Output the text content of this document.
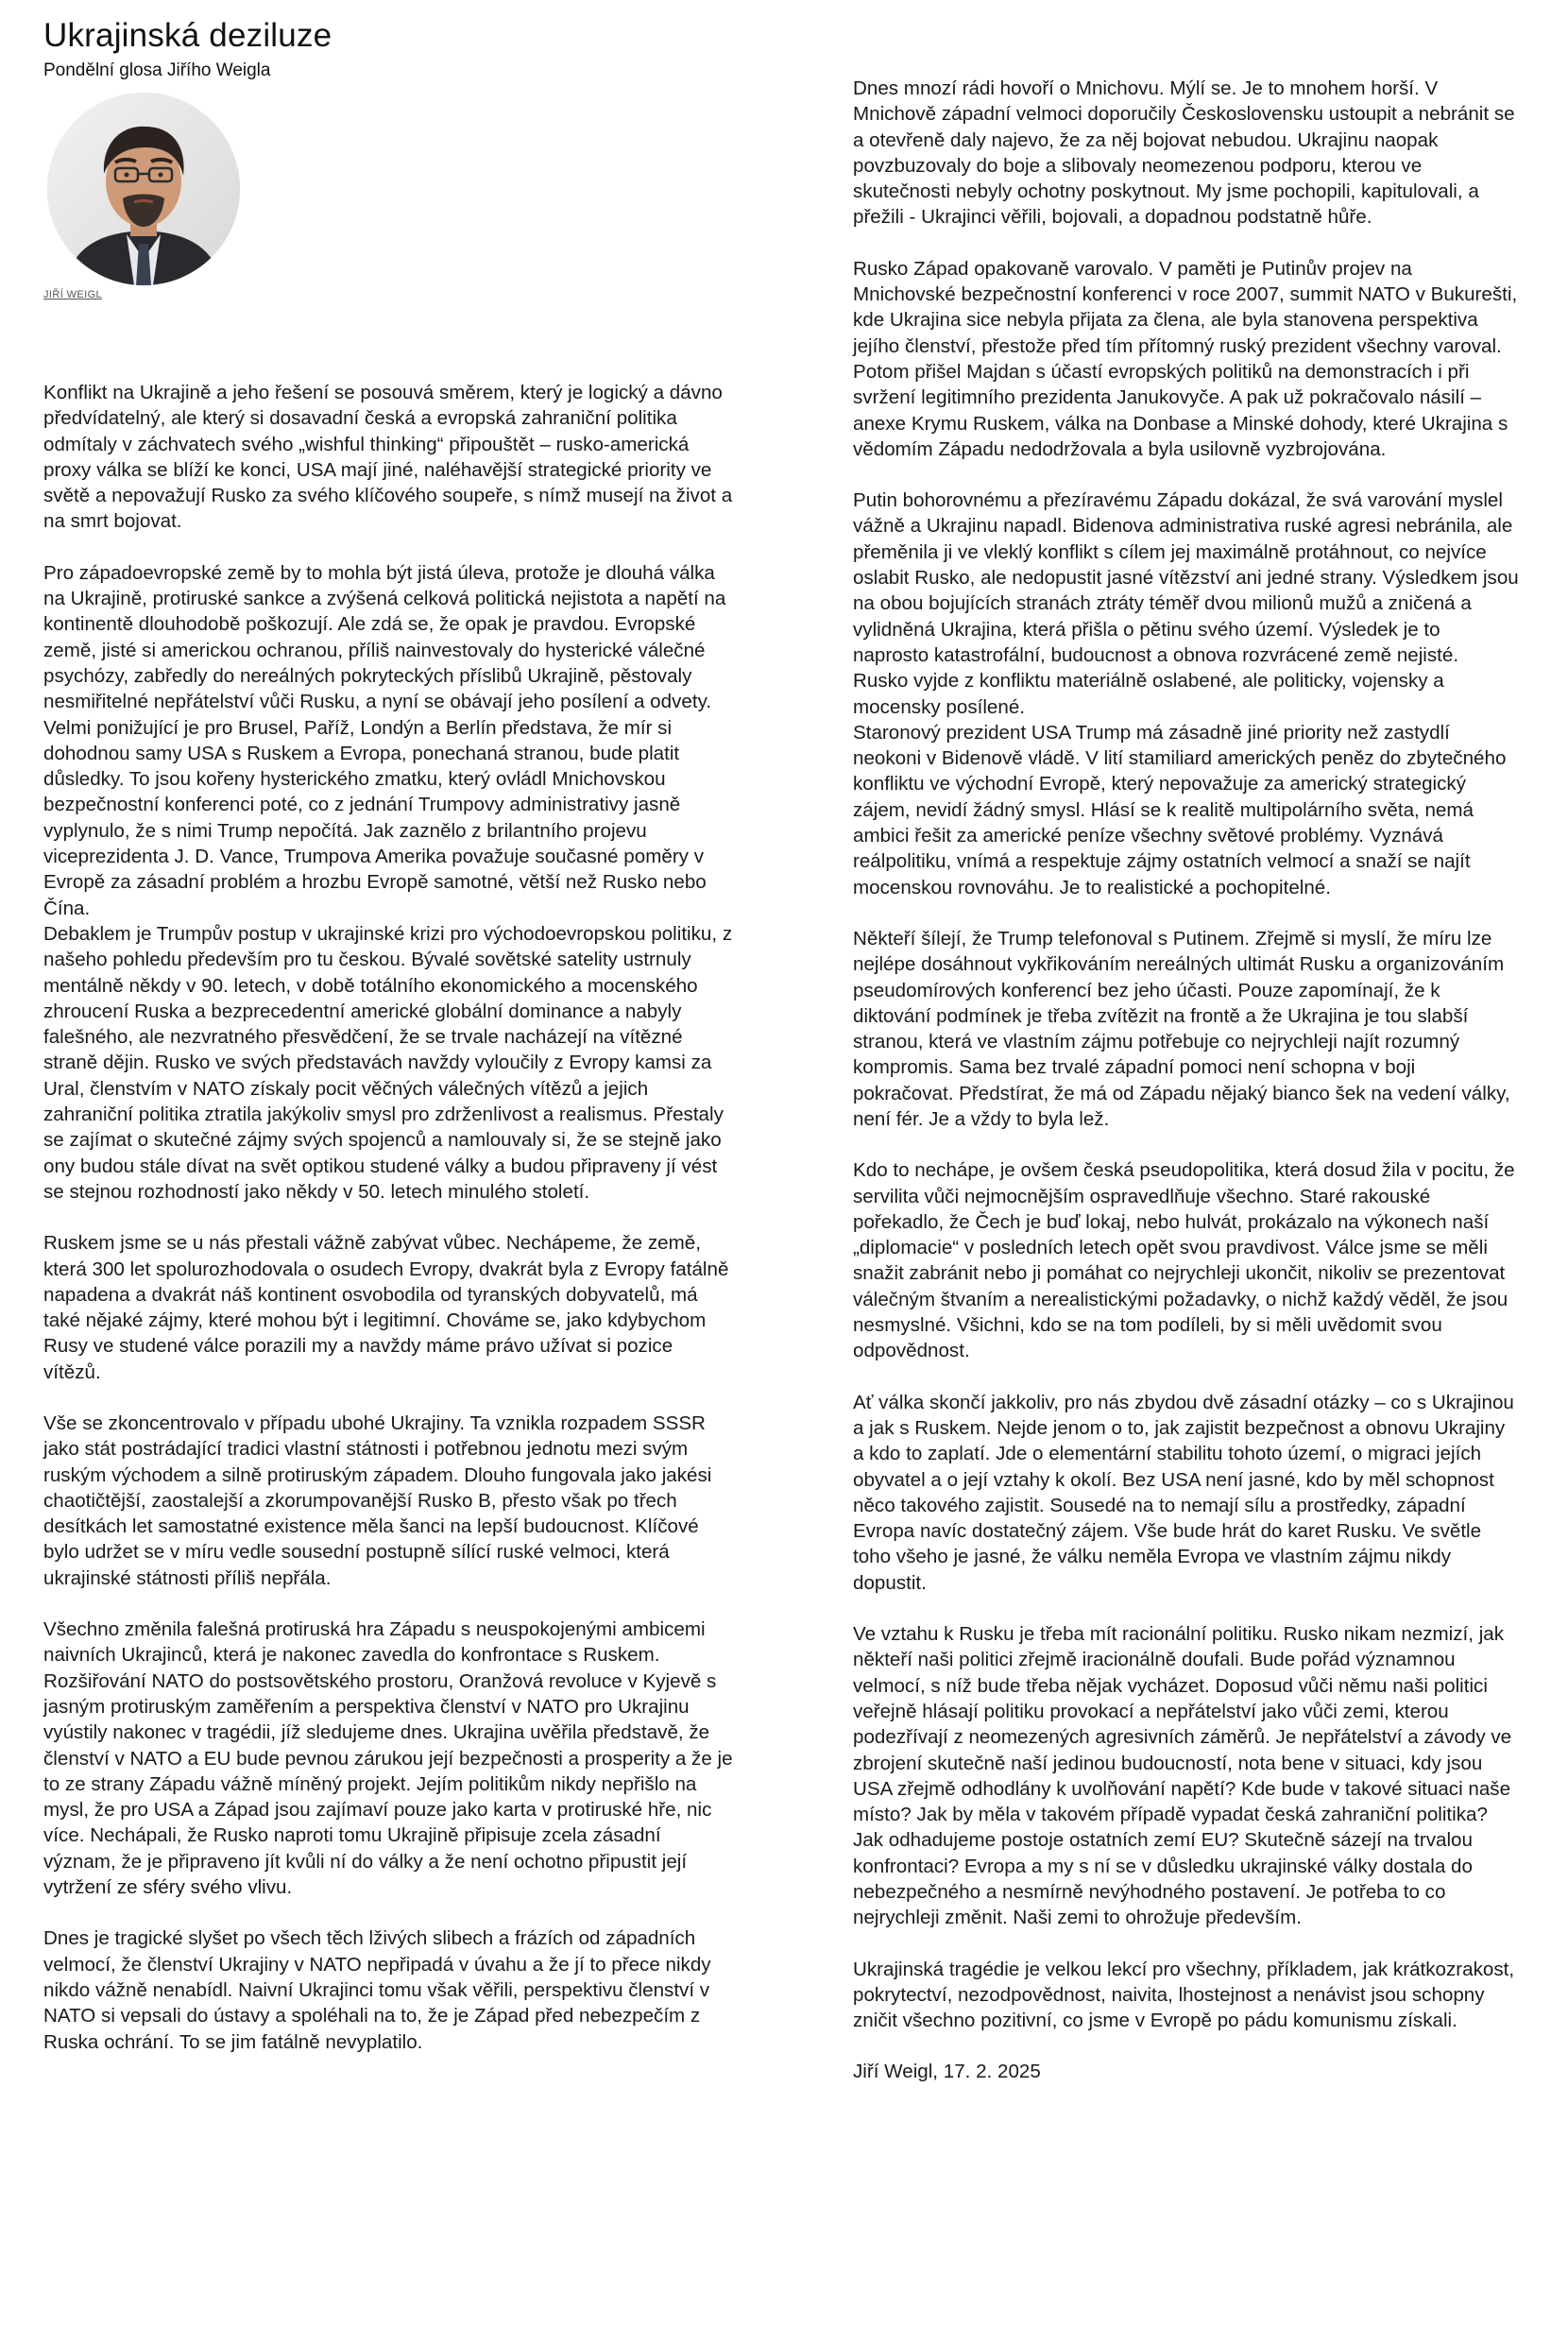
Ukrajinská deziluze
Pondělní glosa Jiřího Weigla
JIŘÍ WEIGL

Konflikt na Ukrajině a jeho řešení se posouvá směrem, který je logický a dávno předvídatelný, ale který si dosavadní česká a evropská zahraniční politika odmítaly v záchvatech svého „wishful thinking“ připouštět – rusko-americká proxy válka se blíží ke konci, USA mají jiné, naléhavější strategické priority ve světě a nepovažují Rusko za svého klíčového soupeře, s nímž musejí na život a na smrt bojovat.

Pro západoevropské země by to mohla být jistá úleva, protože je dlouhá válka na Ukrajině, protiruské sankce a zvýšená celková politická nejistota a napětí na kontinentě dlouhodobě poškozují. Ale zdá se, že opak je pravdou. Evropské země, jisté si americkou ochranou, příliš nainvestovaly do hysterické válečné psychózy, zabředly do nereálných pokryteckých příslibů Ukrajině, pěstovaly nesmiřitelné nepřátelství vůči Rusku, a nyní se obávají jeho posílení a odvety. Velmi ponižující je pro Brusel, Paříž, Londýn a Berlín představa, že mír si dohodnou samy USA s Ruskem a Evropa, ponechaná stranou, bude platit důsledky. To jsou kořeny hysterického zmatku, který ovládl Mnichovskou bezpečnostní konferenci poté, co z jednání Trumpovy administrativy jasně vyplynulo, že s nimi Trump nepočítá. Jak zaznělo z brilantního projevu viceprezidenta J. D. Vance, Trumpova Amerika považuje současné poměry v Evropě za zásadní problém a hrozbu Evropě samotné, větší než Rusko nebo Čína.

Debaklem je Trumpův postup v ukrajinské krizi pro východoevropskou politiku, z našeho pohledu především pro tu českou. Bývalé sovětské satelity ustrnuly mentálně někdy v 90. letech, v době totálního ekonomického a mocenského zhroucení Ruska a bezprecedentní americké globální dominance a nabyly falešného, ale nezvratného přesvědčení, že se trvale nacházejí na vítězné straně dějin. Rusko ve svých představách navždy vyloučily z Evropy kamsi za Ural, členstvím v NATO získaly pocit věčných válečných vítězů a jejich zahraniční politika ztratila jakýkoliv smysl pro zdrženlivost a realismus. Přestaly se zajímat o skutečné zájmy svých spojenců a namlouvaly si, že se stejně jako ony budou stále dívat na svět optikou studené války a budou připraveny jí vést se stejnou rozhodností jako někdy v 50. letech minulého století.

Ruskem jsme se u nás přestali vážně zabývat vůbec. Nechápeme, že země, která 300 let spolurozhodovala o osudech Evropy, dvakrát byla z Evropy fatálně napadena a dvakrát náš kontinent osvobodila od tyranských dobyvatelů, má také nějaké zájmy, které mohou být i legitimní. Chováme se, jako kdybychom Rusy ve studené válce porazili my a navždy máme právo užívat si pozice vítězů.

Vše se zkoncentrovalo v případu ubohé Ukrajiny. Ta vznikla rozpadem SSSR jako stát postrádající tradici vlastní státnosti i potřebnou jednotu mezi svým ruským východem a silně protiruským západem. Dlouho fungovala jako jakési chaotičtější, zaostalejší a zkorumpovanější Rusko B, přesto však po třech desítkách let samostatné existence měla šanci na lepší budoucnost. Klíčové bylo udržet se v míru vedle sousední postupně sílící ruské velmoci, která ukrajinské státnosti příliš nepřála.

Všechno změnila falešná protiruská hra Západu s neuspokojenými ambicemi naivních Ukrajinců, která je nakonec zavedla do konfrontace s Ruskem. Rozšiřování NATO do postsovětského prostoru, Oranžová revoluce v Kyjevě s jasným protiruským zaměřením a perspektiva členství v NATO pro Ukrajinu vyústily nakonec v tragédii, jíž sledujeme dnes. Ukrajina uvěřila představě, že členství v NATO a EU bude pevnou zárukou její bezpečnosti a prosperity a že je to ze strany Západu vážně míněný projekt. Jejím politikům nikdy nepřišlo na mysl, že pro USA a Západ jsou zajímaví pouze jako karta v protiruské hře, nic více. Nechápali, že Rusko naproti tomu Ukrajině připisuje zcela zásadní význam, že je připraveno jít kvůli ní do války a že není ochotno připustit její vytržení ze sféry svého vlivu.

Dnes je tragické slyšet po všech těch lživých slibech a frázích od západních velmocí, že členství Ukrajiny v NATO nepřipadá v úvahu a že jí to přece nikdy nikdo vážně nenabídl. Naivní Ukrajinci tomu však věřili, perspektivu členství v NATO si vepsali do ústavy a spoléhali na to, že je Západ před nebezpečím z Ruska ochrání. To se jim fatálně nevyplatilo.

Dnes mnozí rádi hovoří o Mnichovu. Mýlí se. Je to mnohem horší. V Mnichově západní velmoci doporučily Československu ustoupit a nebránit se a otevřeně daly najevo, že za něj bojovat nebudou. Ukrajinu naopak povzbuzovaly do boje a slibovaly neomezenou podporu, kterou ve skutečnosti nebyly ochotny poskytnout. My jsme pochopili, kapitulovali, a přežili - Ukrajinci věřili, bojovali, a dopadnou podstatně hůře.

Rusko Západ opakovaně varovalo. V paměti je Putinův projev na Mnichovské bezpečnostní konferenci v roce 2007, summit NATO v Bukurešti, kde Ukrajina sice nebyla přijata za člena, ale byla stanovena perspektiva jejího členství, přestože před tím přítomný ruský prezident všechny varoval. Potom přišel Majdan s účastí evropských politiků na demonstracích i při svržení legitimního prezidenta Janukovyče. A pak už pokračovalo násilí – anexe Krymu Ruskem, válka na Donbase a Minské dohody, které Ukrajina s vědomím Západu nedodržovala a byla usilovně vyzbrojována.

Putin bohorovnému a přezíravému Západu dokázal, že svá varování myslel vážně a Ukrajinu napadl. Bidenova administrativa ruské agresi nebránila, ale přeměnila ji ve vleklý konflikt s cílem jej maximálně protáhnout, co nejvíce oslabit Rusko, ale nedopustit jasné vítězství ani jedné strany. Výsledkem jsou na obou bojujících stranách ztráty téměř dvou milionů mužů a zničená a vylidněná Ukrajina, která přišla o pětinu svého území. Výsledek je to naprosto katastrofální, budoucnost a obnova rozvrácené země nejisté. Rusko vyjde z konfliktu materiálně oslabené, ale politicky, vojensky a mocensky posílené.

Staronový prezident USA Trump má zásadně jiné priority než zastydlí neokoni v Bidenově vládě. V lití stamiliard amerických peněz do zbytečného konfliktu ve východní Evropě, který nepovažuje za americký strategický zájem, nevidí žádný smysl. Hlásí se k realitě multipolárního světa, nemá ambici řešit za americké peníze všechny světové problémy. Vyznává reálpolitiku, vnímá a respektuje zájmy ostatních velmocí a snaží se najít mocenskou rovnováhu. Je to realistické a pochopitelné.

Někteří šílejí, že Trump telefonoval s Putinem. Zřejmě si myslí, že míru lze nejlépe dosáhnout vykřikováním nereálných ultimát Rusku a organizováním pseudomírových konferencí bez jeho účasti. Pouze zapomínají, že k diktování podmínek je třeba zvítězit na frontě a že Ukrajina je tou slabší stranou, která ve vlastním zájmu potřebuje co nejrychleji najít rozumný kompromis. Sama bez trvalé západní pomoci není schopna v boji pokračovat. Předstírat, že má od Západu nějaký bianco šek na vedení války, není fér. Je a vždy to byla lež.

Kdo to nechápe, je ovšem česká pseudopolitika, která dosud žila v pocitu, že servilita vůči nejmocnějším ospravedlňuje všechno. Staré rakouské pořekadlo, že Čech je buď lokaj, nebo hulvát, prokázalo na výkonech naší „diplomacie“ v posledních letech opět svou pravdivost. Válce jsme se měli snažit zabránit nebo ji pomáhat co nejrychleji ukončit, nikoliv se prezentovat válečným štvaním a nerealistickými požadavky, o nichž každý věděl, že jsou nesmyslné. Všichni, kdo se na tom podíleli, by si měli uvědomit svou odpovědnost.

Ať válka skončí jakkoliv, pro nás zbydou dvě zásadní otázky – co s Ukrajinou a jak s Ruskem. Nejde jenom o to, jak zajistit bezpečnost a obnovu Ukrajiny a kdo to zaplatí. Jde o elementární stabilitu tohoto území, o migraci jejích obyvatel a o její vztahy k okolí. Bez USA není jasné, kdo by měl schopnost něco takového zajistit. Sousedé na to nemají sílu a prostředky, západní Evropa navíc dostatečný zájem. Vše bude hrát do karet Rusku. Ve světle toho všeho je jasné, že válku neměla Evropa ve vlastním zájmu nikdy dopustit.

Ve vztahu k Rusku je třeba mít racionální politiku. Rusko nikam nezmizí, jak někteří naši politici zřejmě iracionálně doufali. Bude pořád významnou velmocí, s níž bude třeba nějak vycházet. Doposud vůči němu naši politici veřejně hlásají politiku provokací a nepřátelství jako vůči zemi, kterou podezřívají z neomezených agresivních záměrů. Je nepřátelství a závody ve zbrojení skutečně naší jedinou budoucností, nota bene v situaci, kdy jsou USA zřejmě odhodlány k uvolňování napětí? Kde bude v takové situaci naše místo? Jak by měla v takovém případě vypadat česká zahraniční politika? Jak odhadujeme postoje ostatních zemí EU? Skutečně sázejí na trvalou konfrontaci? Evropa a my s ní se v důsledku ukrajinské války dostala do nebezpečného a nesmírně nevýhodného postavení. Je potřeba to co nejrychleji změnit. Naši zemi to ohrožuje především.

Ukrajinská tragédie je velkou lekcí pro všechny, příkladem, jak krátkozrakost, pokrytectví, nezodpovědnost, naivita, lhostejnost a nenávist jsou schopny zničit všechno pozitivní, co jsme v Evropě po pádu komunismu získali.

Jiří Weigl, 17. 2. 2025
